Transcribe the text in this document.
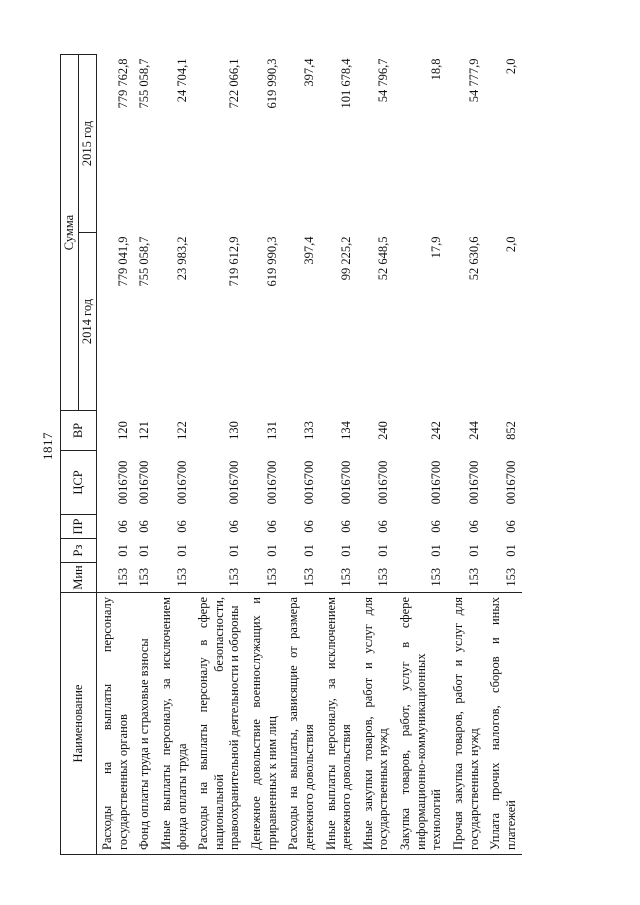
1817
Наименование	Мин	Рз	ПР	ЦСР	ВР	Сумма	
						2014 год	2015 год
Расходы на выплаты персоналу государственных органов	153	01	06	0016700	120	779 041,9	779 762,8
Фонд оплаты труда и страховые взносы	153	01	06	0016700	121	755 058,7	755 058,7
Иные выплаты персоналу, за исключением фонда оплаты труда	153	01	06	0016700	122	23 983,2	24 704,1
Расходы на выплаты персоналу в сфере национальной безопасности, правоохранительной деятельности и обороны	153	01	06	0016700	130	719 612,9	722 066,1
Денежное довольствие военнослужащих и приравненных к ним лиц	153	01	06	0016700	131	619 990,3	619 990,3
Расходы на выплаты, зависящие от размера денежного довольствия	153	01	06	0016700	133	397,4	397,4
Иные выплаты персоналу, за исключением денежного довольствия	153	01	06	0016700	134	99 225,2	101 678,4
Иные закупки товаров, работ и услуг для государственных нужд	153	01	06	0016700	240	52 648,5	54 796,7
Закупка товаров, работ, услуг в сфере информационно-коммуникационных технологий	153	01	06	0016700	242	17,9	18,8
Прочая закупка товаров, работ и услуг для государственных нужд	153	01	06	0016700	244	52 630,6	54 777,9
Уплата прочих налогов, сборов и иных платежей	153	01	06	0016700	852	2,0	2,0
